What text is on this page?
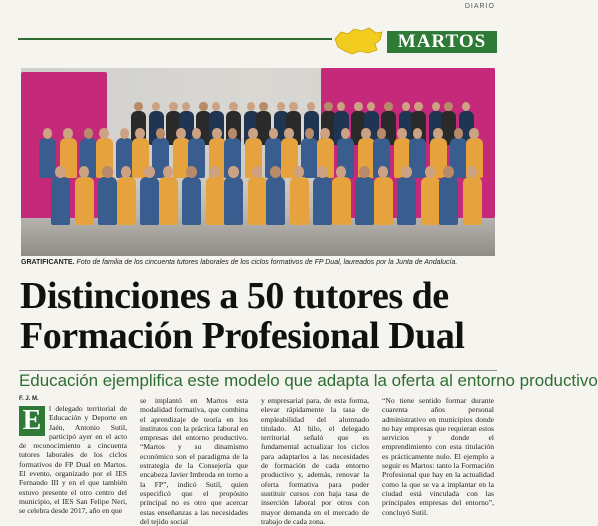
DIARIO
MARTOS
GRATIFICANTE. Foto de familia de los cincuenta tutores laborales de los ciclos formativos de FP Dual, laureados por la Junta de Andalucía.
Distinciones a 50 tutores de
Formación Profesional Dual
Educación ejemplifica este modelo que adapta la oferta al entorno productivo
F. J. M.
E	l delegado territorial de Educación y Deporte en Jaén, Antonio Sutil, participó ayer en el acto de reconocimiento a cincuenta tutores laborales de los ciclos formativos de FP Dual en Martos. El evento, organizado por el IES Fernando III y en el que también estuvo presente el otro centro del municipio, el IES San Felipe Neri, se celebra desde 2017, año en que
se implantó en Martos esta modalidad formativa, que combina el aprendizaje de teoría en los institutos con la práctica laboral en empresas del entorno productivo. “Martos y su dinamismo económico son el paradigma de la estrategia de la Consejería que encabeza Javier Imbroda en torno a la FP”, indicó Sutil, quien especificó que el propósito principal no es otro que acercar estas enseñanzas a las necesidades del tejido social
y empresarial para, de esta forma, elevar rápidamente la tasa de empleabilidad del alumnado titulado. Al hilo, el delegado territorial señaló que es fundamental actualizar los ciclos para adaptarlos a las necesidades de formación de cada entorno productivo y, además, renovar la oferta formativa para poder sustituir cursos con baja tasa de inserción laboral por otros con mayor demanda en el mercado de trabajo de cada zona.
“No tiene sentido formar durante cuarenta años personal administrativo en municipios donde no hay empresas que requieran estos servicios y donde el emprendimiento con esta titulación es prácticamente nulo. El ejemplo a seguir es Martos: tanto la Formación Profesional que hay en la actualidad como la que se va a implantar en la ciudad está vinculada con las principales empresas del entorno”, concluyó Sutil.
